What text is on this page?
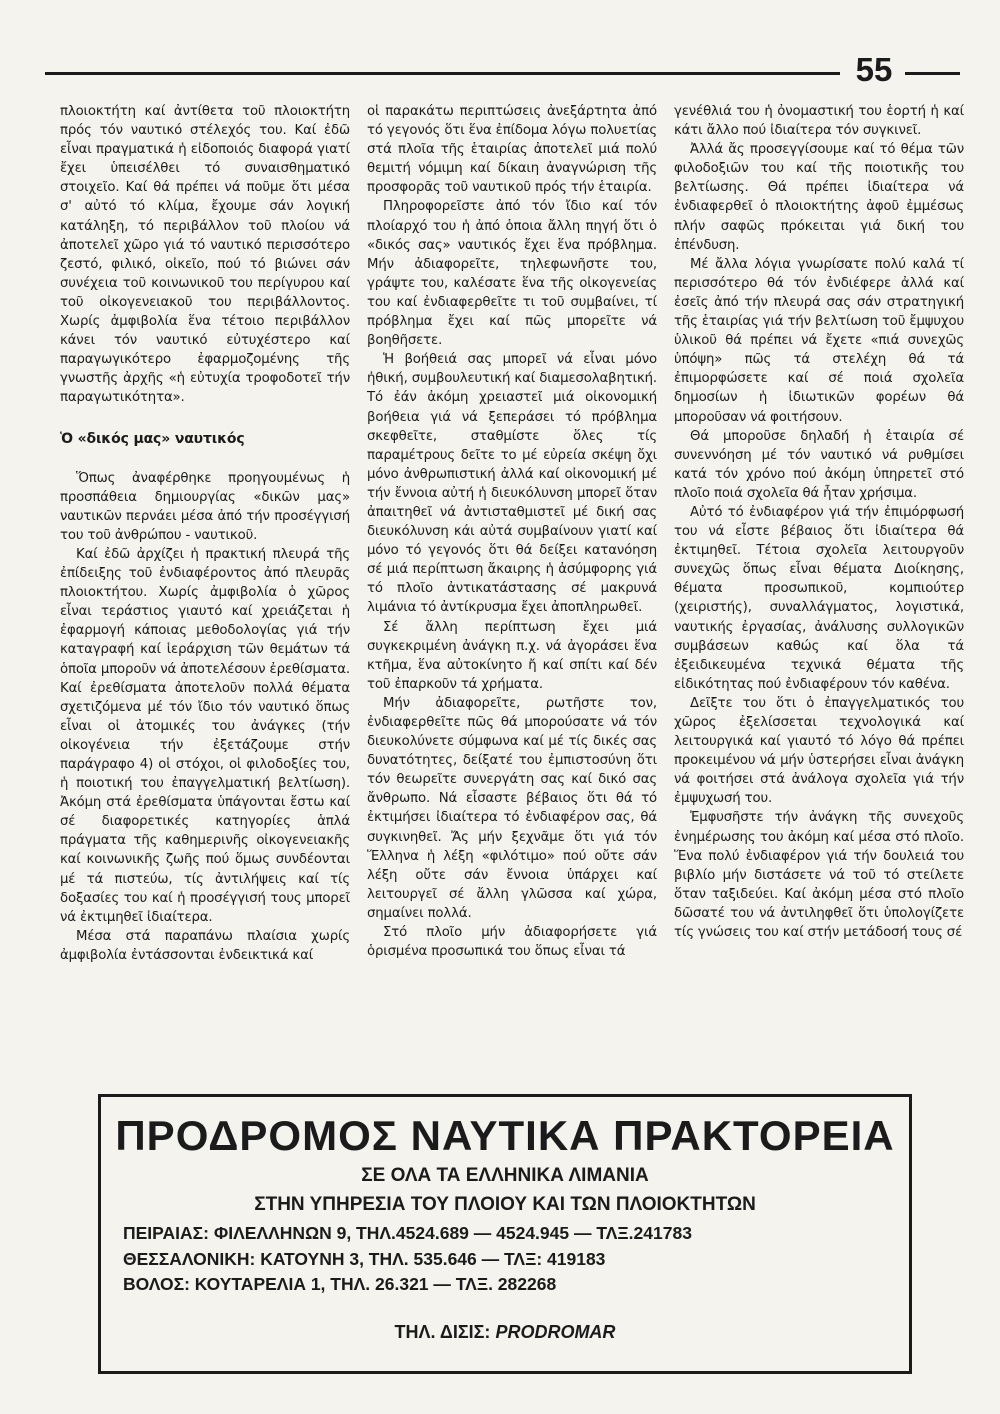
55

πλοιοκτήτη καί ἀντίθετα τοῦ πλοιοκτήτη πρός τόν ναυτικό στέλεχός του. Καί ἐδῶ εἶναι πραγματικά ἡ εἰδοποιός διαφορά γιατί ἔχει ὑπεισέλθει τό συναισθηματικό στοιχεῖο. Καί θά πρέπει νά ποῦμε ὅτι μέσα σ' αὐτό τό κλίμα, ἔχουμε σάν λογική κατάληξη, τό περιβάλλον τοῦ πλοίου νά ἀποτελεῖ χῶρο γιά τό ναυτικό περισσότερο ζεστό, φιλικό, οἰκεῖο, πού τό βιώνει σάν συνέχεια τοῦ κοινωνικοῦ του περίγυρου καί τοῦ οἰκογενειακοῦ του περιβάλλοντος. Χωρίς ἀμφιβολία ἕνα τέτοιο περιβάλλον κάνει τόν ναυτικό εὐτυχέστερο καί παραγωγικότερο ἐφαρμοζομένης τῆς γνωστῆς ἀρχῆς «ἡ εὐτυχία τροφοδοτεῖ τήν παραγωτικότητα».

Ὁ «δικός μας» ναυτικός

Ὅπως ἀναφέρθηκε προηγουμένως ἡ προσπάθεια δημιουργίας «δικῶν μας» ναυτικῶν περνάει μέσα ἀπό τήν προσέγγισή του τοῦ ἀνθρώπου - ναυτικοῦ.

Καί ἐδῶ ἀρχίζει ἡ πρακτική πλευρά τῆς ἐπίδειξης τοῦ ἐνδιαφέροντος ἀπό πλευρᾶς πλοιοκτήτου. Χωρίς ἀμφιβολία ὁ χῶρος εἶναι τεράστιος γιαυτό καί χρειάζεται ἡ ἐφαρμογή κάποιας μεθοδολογίας γιά τήν καταγραφή καί ἱεράρχιση τῶν θεμάτων τά ὁποῖα μπορoῦν νά ἀποτελέσουν ἐρεθίσματα. Καί ἐρεθίσματα ἀποτελοῦν πολλά θέματα σχετιζόμενα μέ τόν ἴδιο τόν ναυτικό ὅπως εἶναι οἱ ἀτομικές του ἀνάγκες (τήν οἰκογένεια τήν ἐξετάζουμε στήν παράγραφο 4) οἱ στόχοι, οἱ φιλοδοξίες του, ἡ ποιοτική του ἐπαγγελματική βελτίωση). Ἀκόμη στά ἐρεθίσματα ὑπάγονται ἔστω καί σέ διαφορετικές κατηγορίες ἁπλά πράγματα τῆς καθημερινῆς οἰκογενειακῆς καί κοινωνικῆς ζωῆς πού ὅμως συνδέονται μέ τά πιστεύω, τίς ἀντιλήψεις καί τίς δοξασίες του καί ἡ προσέγγισή τους μπορεῖ νά ἐκτιμηθεῖ ἰδιαίτερα.

Μέσα στά παραπάνω πλαίσια χωρίς ἀμφιβολία ἐντάσσονται ἐνδεικτικά καί

οἱ παρακάτω περιπτώσεις ἀνεξάρτητα ἀπό τό γεγονός ὅτι ἕνα ἐπίδομα λόγω πολυετίας στά πλοῖα τῆς ἑταιρίας ἀποτελεῖ μιά πολύ θεμιτή νόμιμη καί δίκαιη ἀναγνώριση τῆς προσφορᾶς τοῦ ναυτικοῦ πρός τήν ἑταιρία.

Πληροφορεῖστε ἀπό τόν ἴδιο καί τόν πλοίαρχό του ἡ ἀπό ὁποια ἄλλη πηγή ὅτι ὁ «δικός σας» ναυτικός ἔχει ἕνα πρόβλημα. Μήν ἀδιαφορεῖτε, τηλεφωνῆστε του, γράψτε του, καλέσατε ἕνα τῆς οἰκογενείας του καί ἐνδιαφερθεῖτε τι τοῦ συμβαίνει, τί πρόβλημα ἔχει καί πῶς μπορεῖτε νά βοηθῆσετε.

Ἡ βοήθειά σας μπορεῖ νά εἶναι μόνο ἠθική, συμβουλευτική καί διαμεσολαβητική. Τό ἐάν ἀκόμη χρειαστεῖ μιά οἰκονομική βοήθεια γιά νά ξεπεράσει τό πρόβλημα σκεφθεῖτε, σταθμίστε ὅλες τίς παραμέτρους δεῖτε το μέ εὐρεία σκέψη ὄχι μόνο ἀνθρωπιστική ἀλλά καί οἰκονομική μέ τήν ἔννοια αὐτή ἡ διευκόλυνση μπορεῖ ὅταν ἀπαιτηθεῖ νά ἀντισταθμιστεῖ μέ δική σας διευκόλυνση κάι αὐτά συμβαίνουν γιατί καί μόνο τό γεγονός ὅτι θά δείξει κατανόηση σέ μιά περίπτωση ἄκαιρης ἡ ἀσύμφορης γιά τό πλοῖο ἀντικατάστασης σέ μακρυνά λιμάνια τό ἀντίκρυσμα ἔχει ἀποπληρωθεῖ.

Σέ ἄλλη περίπτωση ἔχει μιά συγκεκριμένη ἀνάγκη π.χ. νά ἀγοράσει ἕνα κτῆμα, ἕνα αὐτοκίνητο ἤ καί σπίτι καί δέν τοῦ ἐπαρκοῦν τά χρήματα.

Μήν ἀδιαφορεῖτε, ρωτῆστε τον, ἐνδιαφερθεῖτε πῶς θά μπορούσατε νά τόν διευκολύνετε σύμφωνα καί μέ τίς δικές σας δυνατότητες, δείξατέ του ἐμπιστοσύνη ὅτι τόν θεωρεῖτε συνεργάτη σας καί δικό σας ἄνθρωπο. Νά εἶσαστε βέβαιος ὅτι θά τό ἐκτιμήσει ἰδιαίτερα τό ἐνδιαφέρον σας, θά συγκινηθεῖ. Ἄς μήν ξεχνᾶμε ὅτι γιά τόν Ἕλληνα ἡ λέξη «φιλότιμο» πού οὔτε σάν λέξη οὔτε σάν ἔννοια ὑπάρχει καί λειτουργεῖ σέ ἄλλη γλῶσσα καί χώρα, σημαίνει πολλά.

Στό πλοῖο μήν ἀδιαφορήσετε γιά ὁρισμένα προσωπικά του ὅπως εἶναι τά

γενέθλιά του ἡ ὀνομαστική του ἑορτή ἡ καί κάτι ἄλλο πού ἰδιαίτερα τόν συγκινεῖ.

Ἀλλά ἄς προσεγγίσουμε καί τό θέμα τῶν φιλοδοξιῶν του καί τῆς ποιοτικῆς του βελτίωσης. Θά πρέπει ἰδιαίτερα νά ἐνδιαφερθεῖ ὁ πλοιοκτήτης ἀφοῦ ἐμμέσως πλήν σαφῶς πρόκειται γιά δική του ἐπένδυση.

Μέ ἄλλα λόγια γνωρίσατε πολύ καλά τί περισσότερο θά τόν ἐνδιέφερε ἀλλά καί ἐσεῖς ἀπό τήν πλευρά σας σάν στρατηγική τῆς ἑταιρίας γιά τήν βελτίωση τοῦ ἔμψυχου ὑλικοῦ θά πρέπει νά ἔχετε «πιά συνεχῶς ὑπόψη» πῶς τά στελέχη θά τά ἐπιμορφώσετε καί σέ ποιά σχολεῖα δημοσίων ἡ ἰδιωτικῶν φορέων θά μπορoῦσαν νά φοιτήσουν.

Θά μπορoῦσε δηλαδή ἡ ἑταιρία σέ συνεννόηση μέ τόν ναυτικό νά ρυθμίσει κατά τόν χρόνο πού ἀκόμη ὑπηρετεῖ στό πλοῖο ποιά σχολεῖα θά ἦταν χρήσιμα.

Αὐτό τό ἐνδιαφέρον γιά τήν ἐπιμόρφωσή του νά εἶστε βέβαιος ὅτι ἰδιαίτερα θά ἐκτιμηθεῖ. Τέτοια σχολεῖα λειτουργοῦν συνεχῶς ὅπως εἶναι θέματα Διοίκησης, θέματα προσωπικοῦ, κομπιούτερ (χειριστής), συναλλάγματος, λογιστικά, ναυτικής ἐργασίας, ἀνάλυσης συλλογικῶν συμβάσεων καθώς καί ὅλα τά ἐξειδικευμένα τεχνικά θέματα τῆς εἰδικότητας πού ἐνδιαφέρουν τόν καθένα.

Δεῖξτε του ὅτι ὁ ἐπαγγελματικός του χῶρος ἐξελίσσεται τεχνολογικά καί λειτουργικά καί γιαυτό τό λόγο θά πρέπει προκειμένου νά μήν ὑστερήσει εἶναι ἀνάγκη νά φοιτήσει στά ἀνάλογα σχολεῖα γιά τήν ἐμψυχωσή του.

Ἐμφυσῆστε τήν ἀνάγκη τῆς συνεχοῦς ἐνημέρωσης του ἀκόμη καί μέσα στό πλοῖο. Ἕνα πολύ ἐνδιαφέρον γιά τήν δουλειά του βιβλίο μήν διστάσετε νά τοῦ τό στείλετε ὅταν ταξιδεύει. Καί ἀκόμη μέσα στό πλοῖο δῶσατέ του νά ἀντιληφθεῖ ὅτι ὑπολογίζετε τίς γνώσεις του καί στήν μετάδοσή τους σέ

ΠΡΟΔΡΟΜΟΣ ΝΑΥΤΙΚΑ ΠΡΑΚΤΟΡΕΙΑ
ΣΕ ΟΛΑ ΤΑ ΕΛΛΗΝΙΚΑ ΛΙΜΑΝΙΑ
ΣΤΗΝ ΥΠΗΡΕΣΙΑ ΤΟΥ ΠΛΟΙΟΥ ΚΑΙ ΤΩΝ ΠΛΟΙΟΚΤΗΤΩΝ
ΠΕΙΡΑΙΑΣ: ΦΙΛΕΛΛΗΝΩΝ 9, ΤΗΛ.4524.689 — 4524.945 — ΤΛΞ.241783
ΘΕΣΣΑΛΟΝΙΚΗ: ΚΑΤΟΥΝΗ 3, ΤΗΛ. 535.646 — ΤΛΞ: 419183
ΒΟΛΟΣ: ΚΟΥΤΑΡΕΛΙΑ 1, ΤΗΛ. 26.321 — ΤΛΞ. 282268
ΤΗΛ. ΔΙΣΙΣ: PRODROMAR
